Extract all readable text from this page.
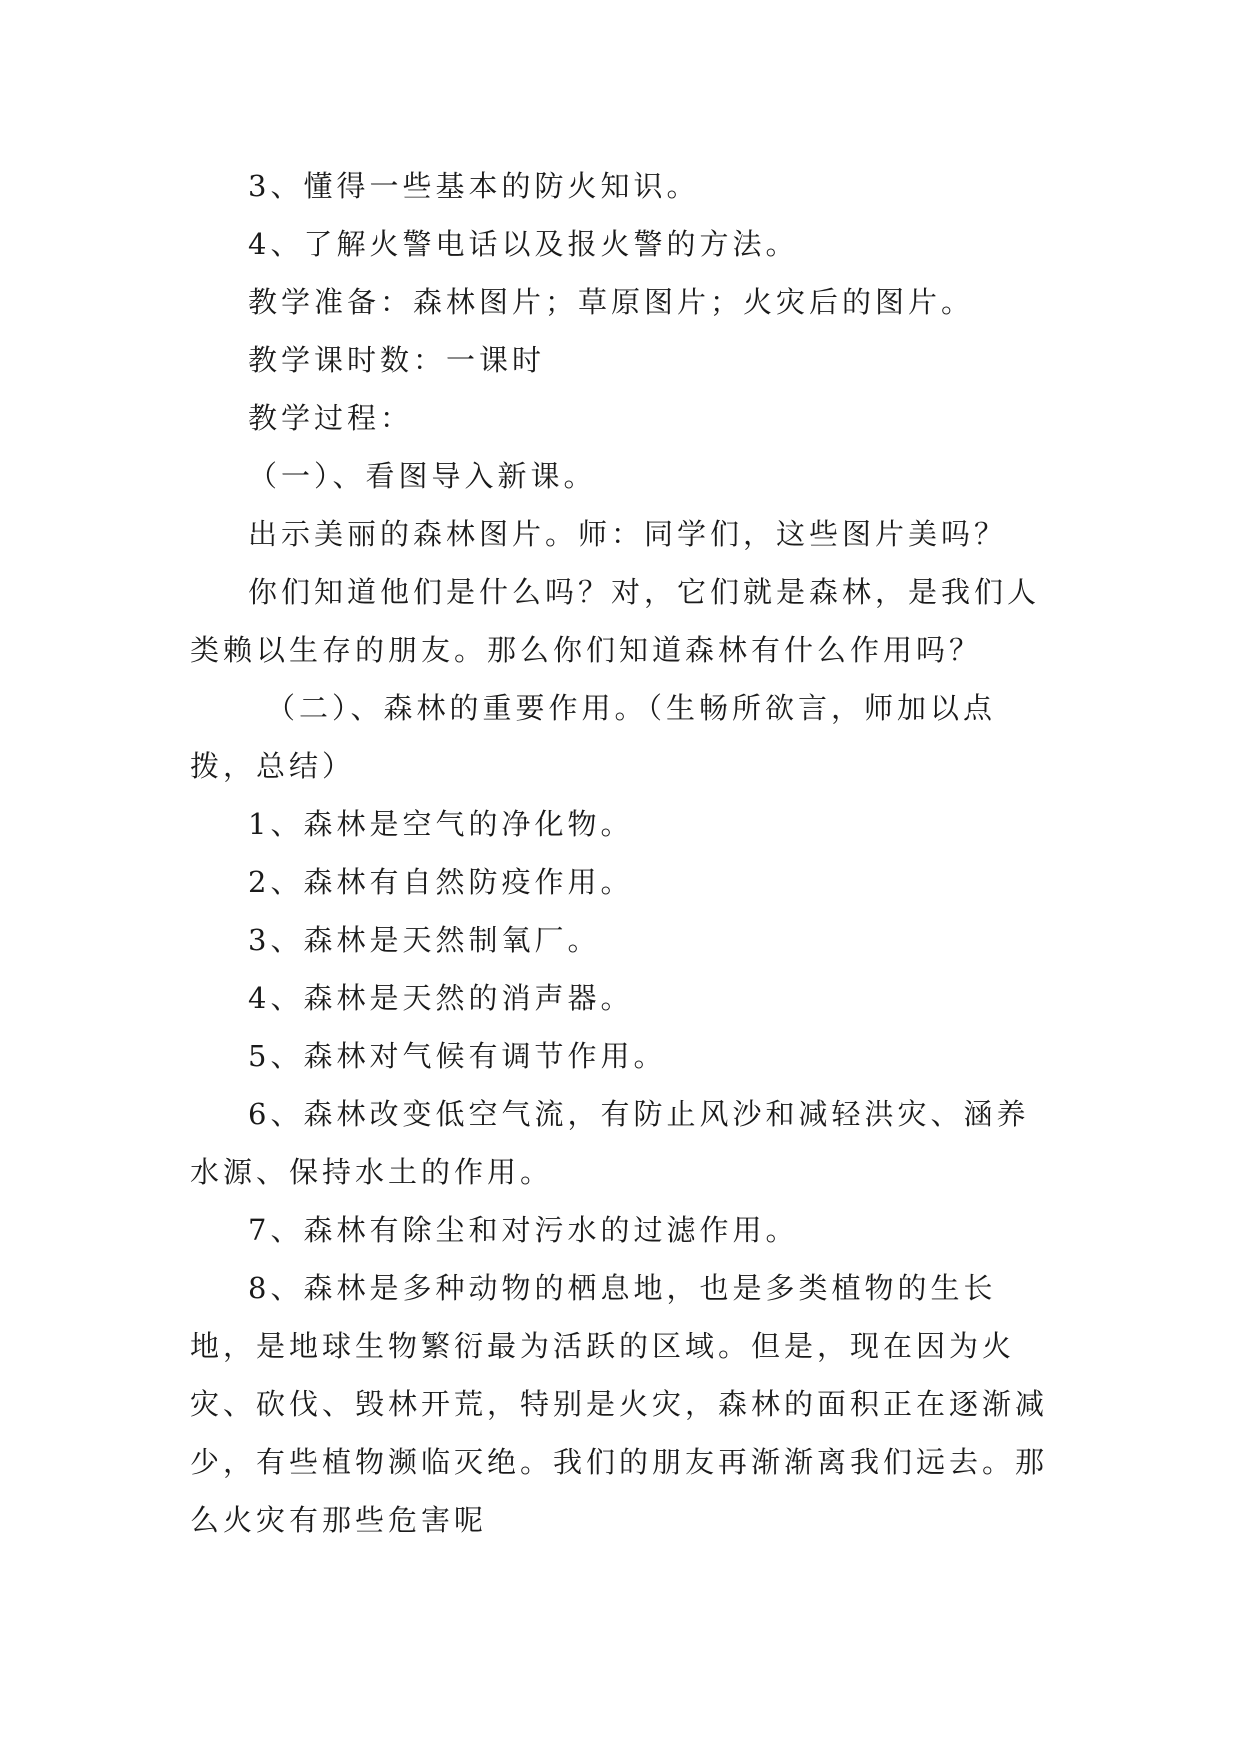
3、懂得一些基本的防火知识。

4、了解火警电话以及报火警的方法。

教学准备：森林图片；草原图片；火灾后的图片。

教学课时数：一课时

教学过程：

（一）、看图导入新课。

出示美丽的森林图片。师：同学们，这些图片美吗？

你们知道他们是什么吗？对，它们就是森林，是我们人类赖以生存的朋友。那么你们知道森林有什么作用吗？

（二）、森林的重要作用。（生畅所欲言，师加以点拨，总结）

1、森林是空气的净化物。

2、森林有自然防疫作用。

3、森林是天然制氧厂。

4、森林是天然的消声器。

5、森林对气候有调节作用。

6、森林改变低空气流，有防止风沙和减轻洪灾、涵养水源、保持水土的作用。

7、森林有除尘和对污水的过滤作用。

8、森林是多种动物的栖息地，也是多类植物的生长地，是地球生物繁衍最为活跃的区域。但是，现在因为火灾、砍伐、毁林开荒，特别是火灾，森林的面积正在逐渐减少，有些植物濒临灭绝。我们的朋友再渐渐离我们远去。那么火灾有那些危害呢
